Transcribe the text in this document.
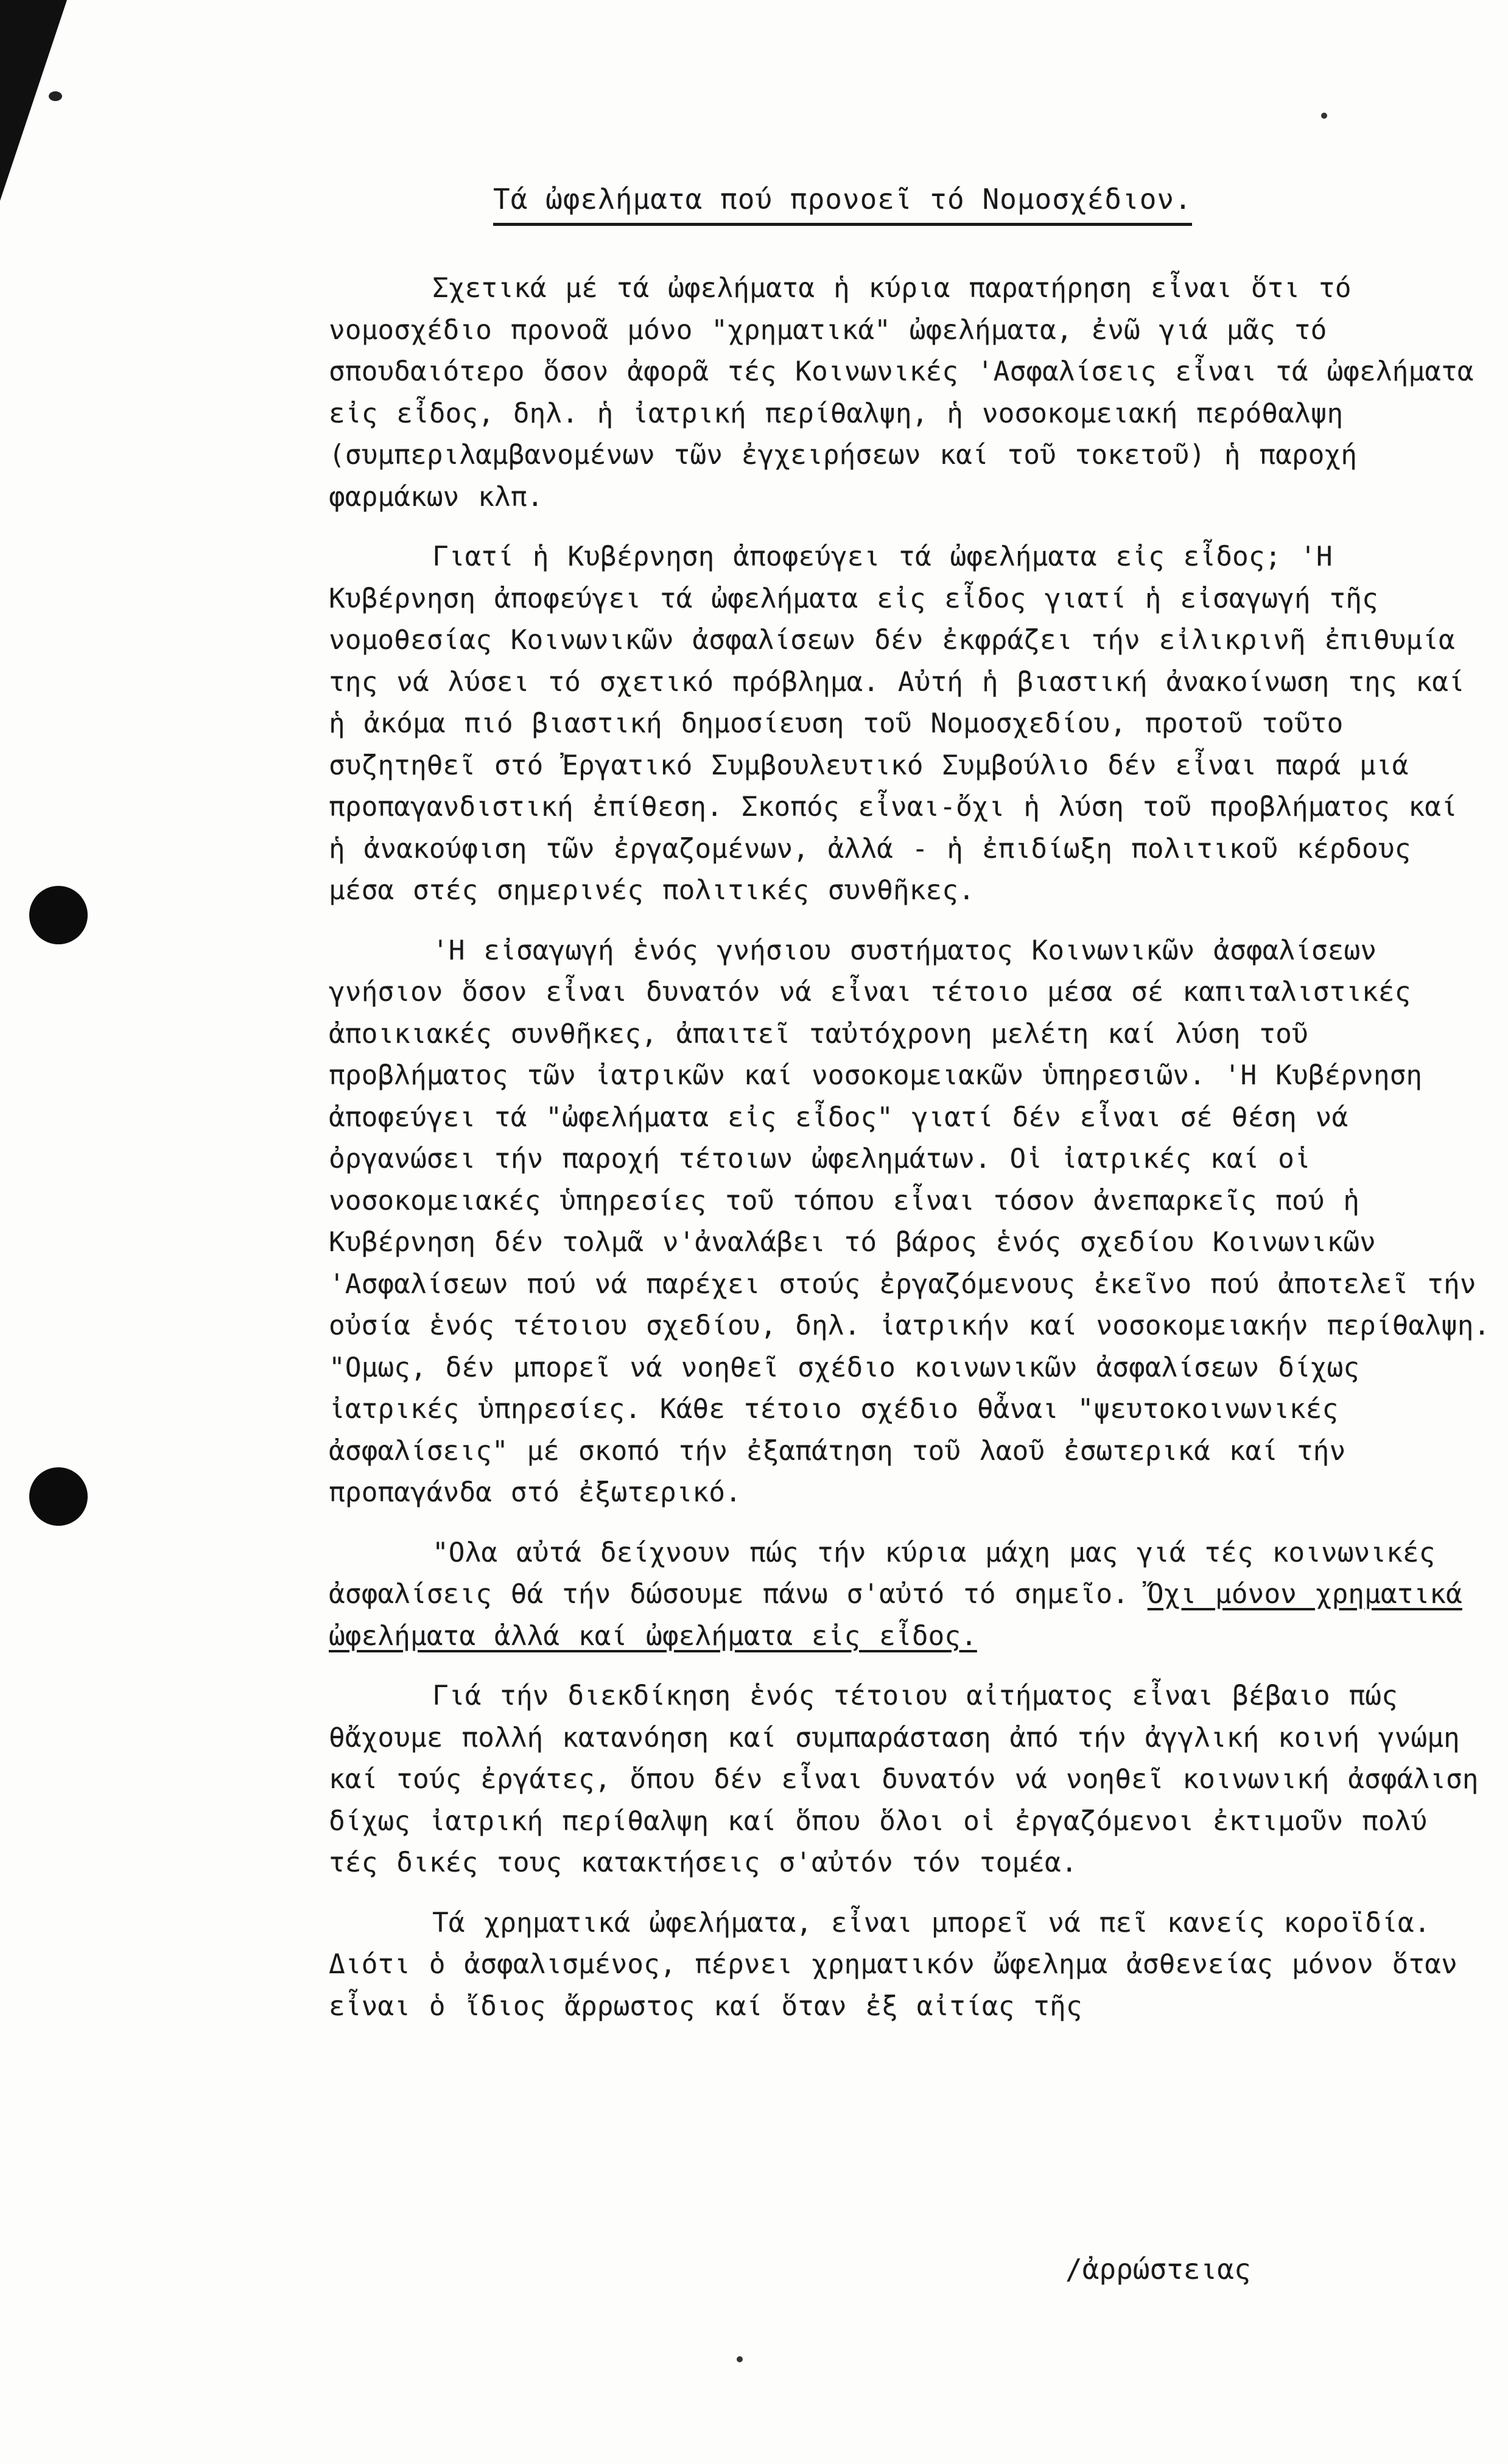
Τά ὠφελήματα πού προνοεῖ τό Νομοσχέδιον.

Σχετικά μέ τά ὠφελήματα ἡ κύρια παρατήρηση εἶναι ὅτι τό νομοσχέδιο προνοᾶ μόνο "χρηματικά" ὠφελήματα, ἐνῶ γιά μᾶς τό σπουδαιότερο ὅσον ἀφορᾶ τές Κοινωνικές 'Ασφαλίσεις εἶναι τά ὠφελήματα εἰς εἶδος, δηλ. ἡ ἰατρική περίθαλψη, ἡ νοσοκομειακή περόθαλψη (συμπεριλαμβανομένων τῶν ἐγχειρήσεων καί τοῦ τοκετοῦ) ἡ παροχή φαρμάκων κλπ.

Γιατί ἡ Κυβέρνηση ἀποφεύγει τά ὠφελήματα εἰς εἶδος; 'Η Κυβέρνηση ἀποφεύγει τά ὠφελήματα εἰς εἶδος γιατί ἡ εἰσαγωγή τῆς νομοθεσίας Κοινωνικῶν ἀσφαλίσεων δέν ἐκφράζει τήν εἰλικρινῆ ἐπιθυμία της νά λύσει τό σχετικό πρόβλημα. Αὐτή ἡ βιαστική ἀνακοίνωση της καί ἡ ἀκόμα πιό βιαστική δημοσίευση τοῦ Νομοσχεδίου, προτοῦ τοῦτο συζητηθεῖ στό Ἐργατικό Συμβουλευτικό Συμβούλιο δέν εἶναι παρά μιά προπαγανδιστική ἐπίθεση. Σκοπός εἶναι-ὄχι ἡ λύση τοῦ προβλήματος καί ἡ ἀνακούφιση τῶν ἐργαζομένων, ἀλλά - ἡ ἐπιδίωξη πολιτικοῦ κέρδους μέσα στές σημερινές πολιτικές συνθῆκες.

'Η εἰσαγωγή ἑνός γνήσιου συστήματος Κοινωνικῶν ἀσφαλίσεων γνήσιον ὅσον εἶναι δυνατόν νά εἶναι τέτοιο μέσα σέ καπιταλιστικές ἀποικιακές συνθῆκες, ἀπαιτεῖ ταὐτόχρονη μελέτη καί λύση τοῦ προβλήματος τῶν ἰατρικῶν καί νοσοκομειακῶν ὑπηρεσιῶν. 'Η Κυβέρνηση ἀποφεύγει τά "ὠφελήματα εἰς εἶδος" γιατί δέν εἶναι σέ θέση νά ὀργανώσει τήν παροχή τέτοιων ὠφελημάτων. Οἱ ἰατρικές καί οἱ νοσοκομειακές ὑπηρεσίες τοῦ τόπου εἶναι τόσον ἀνεπαρκεῖς πού ἡ Κυβέρνηση δέν τολμᾶ ν'ἀναλάβει τό βάρος ἑνός σχεδίου Κοινωνικῶν 'Ασφαλίσεων πού νά παρέχει στούς ἐργαζόμενους ἐκεῖνο πού ἀποτελεῖ τήν οὐσία ἑνός τέτοιου σχεδίου, δηλ. ἰατρικήν καί νοσοκομειακήν περίθαλψη. "Ομως, δέν μπορεῖ νά νοηθεῖ σχέδιο κοινωνικῶν ἀσφαλίσεων δίχως ἰατρικές ὑπηρεσίες. Κάθε τέτοιο σχέδιο θἆναι "ψευτοκοινωνικές ἀσφαλίσεις" μέ σκοπό τήν ἐξαπάτηση τοῦ λαοῦ ἐσωτερικά καί τήν προπαγάνδα στό ἐξωτερικό.

"Ολα αὐτά δείχνουν πώς τήν κύρια μάχη μας γιά τές κοινωνικές ἀσφαλίσεις θά τήν δώσουμε πάνω σ'αὐτό τό σημεῖο. Ὄχι μόνον χρηματικά ὠφελήματα ἀλλά καί ὠφελήματα εἰς εἶδος.

Γιά τήν διεκδίκηση ἑνός τέτοιου αἰτήματος εἶναι βέβαιο πώς θἄχουμε πολλή κατανόηση καί συμπαράσταση ἀπό τήν ἀγγλική κοινή γνώμη καί τούς ἐργάτες, ὅπου δέν εἶναι δυνατόν νά νοηθεῖ κοινωνική ἀσφάλιση δίχως ἰατρική περίθαλψη καί ὅπου ὅλοι οἱ ἐργαζόμενοι ἐκτιμοῦν πολύ τές δικές τους κατακτήσεις σ'αὐτόν τόν τομέα.

Τά χρηματικά ὠφελήματα, εἶναι μπορεῖ νά πεῖ κανείς κοροϊδία. Διότι ὁ ἀσφαλισμένος, πέρνει χρηματικόν ὤφελημα ἀσθενείας μόνον ὅταν εἶναι ὁ ἴδιος ἄρρωστος καί ὅταν ἐξ αἰτίας τῆς

/ἀρρώστειας
